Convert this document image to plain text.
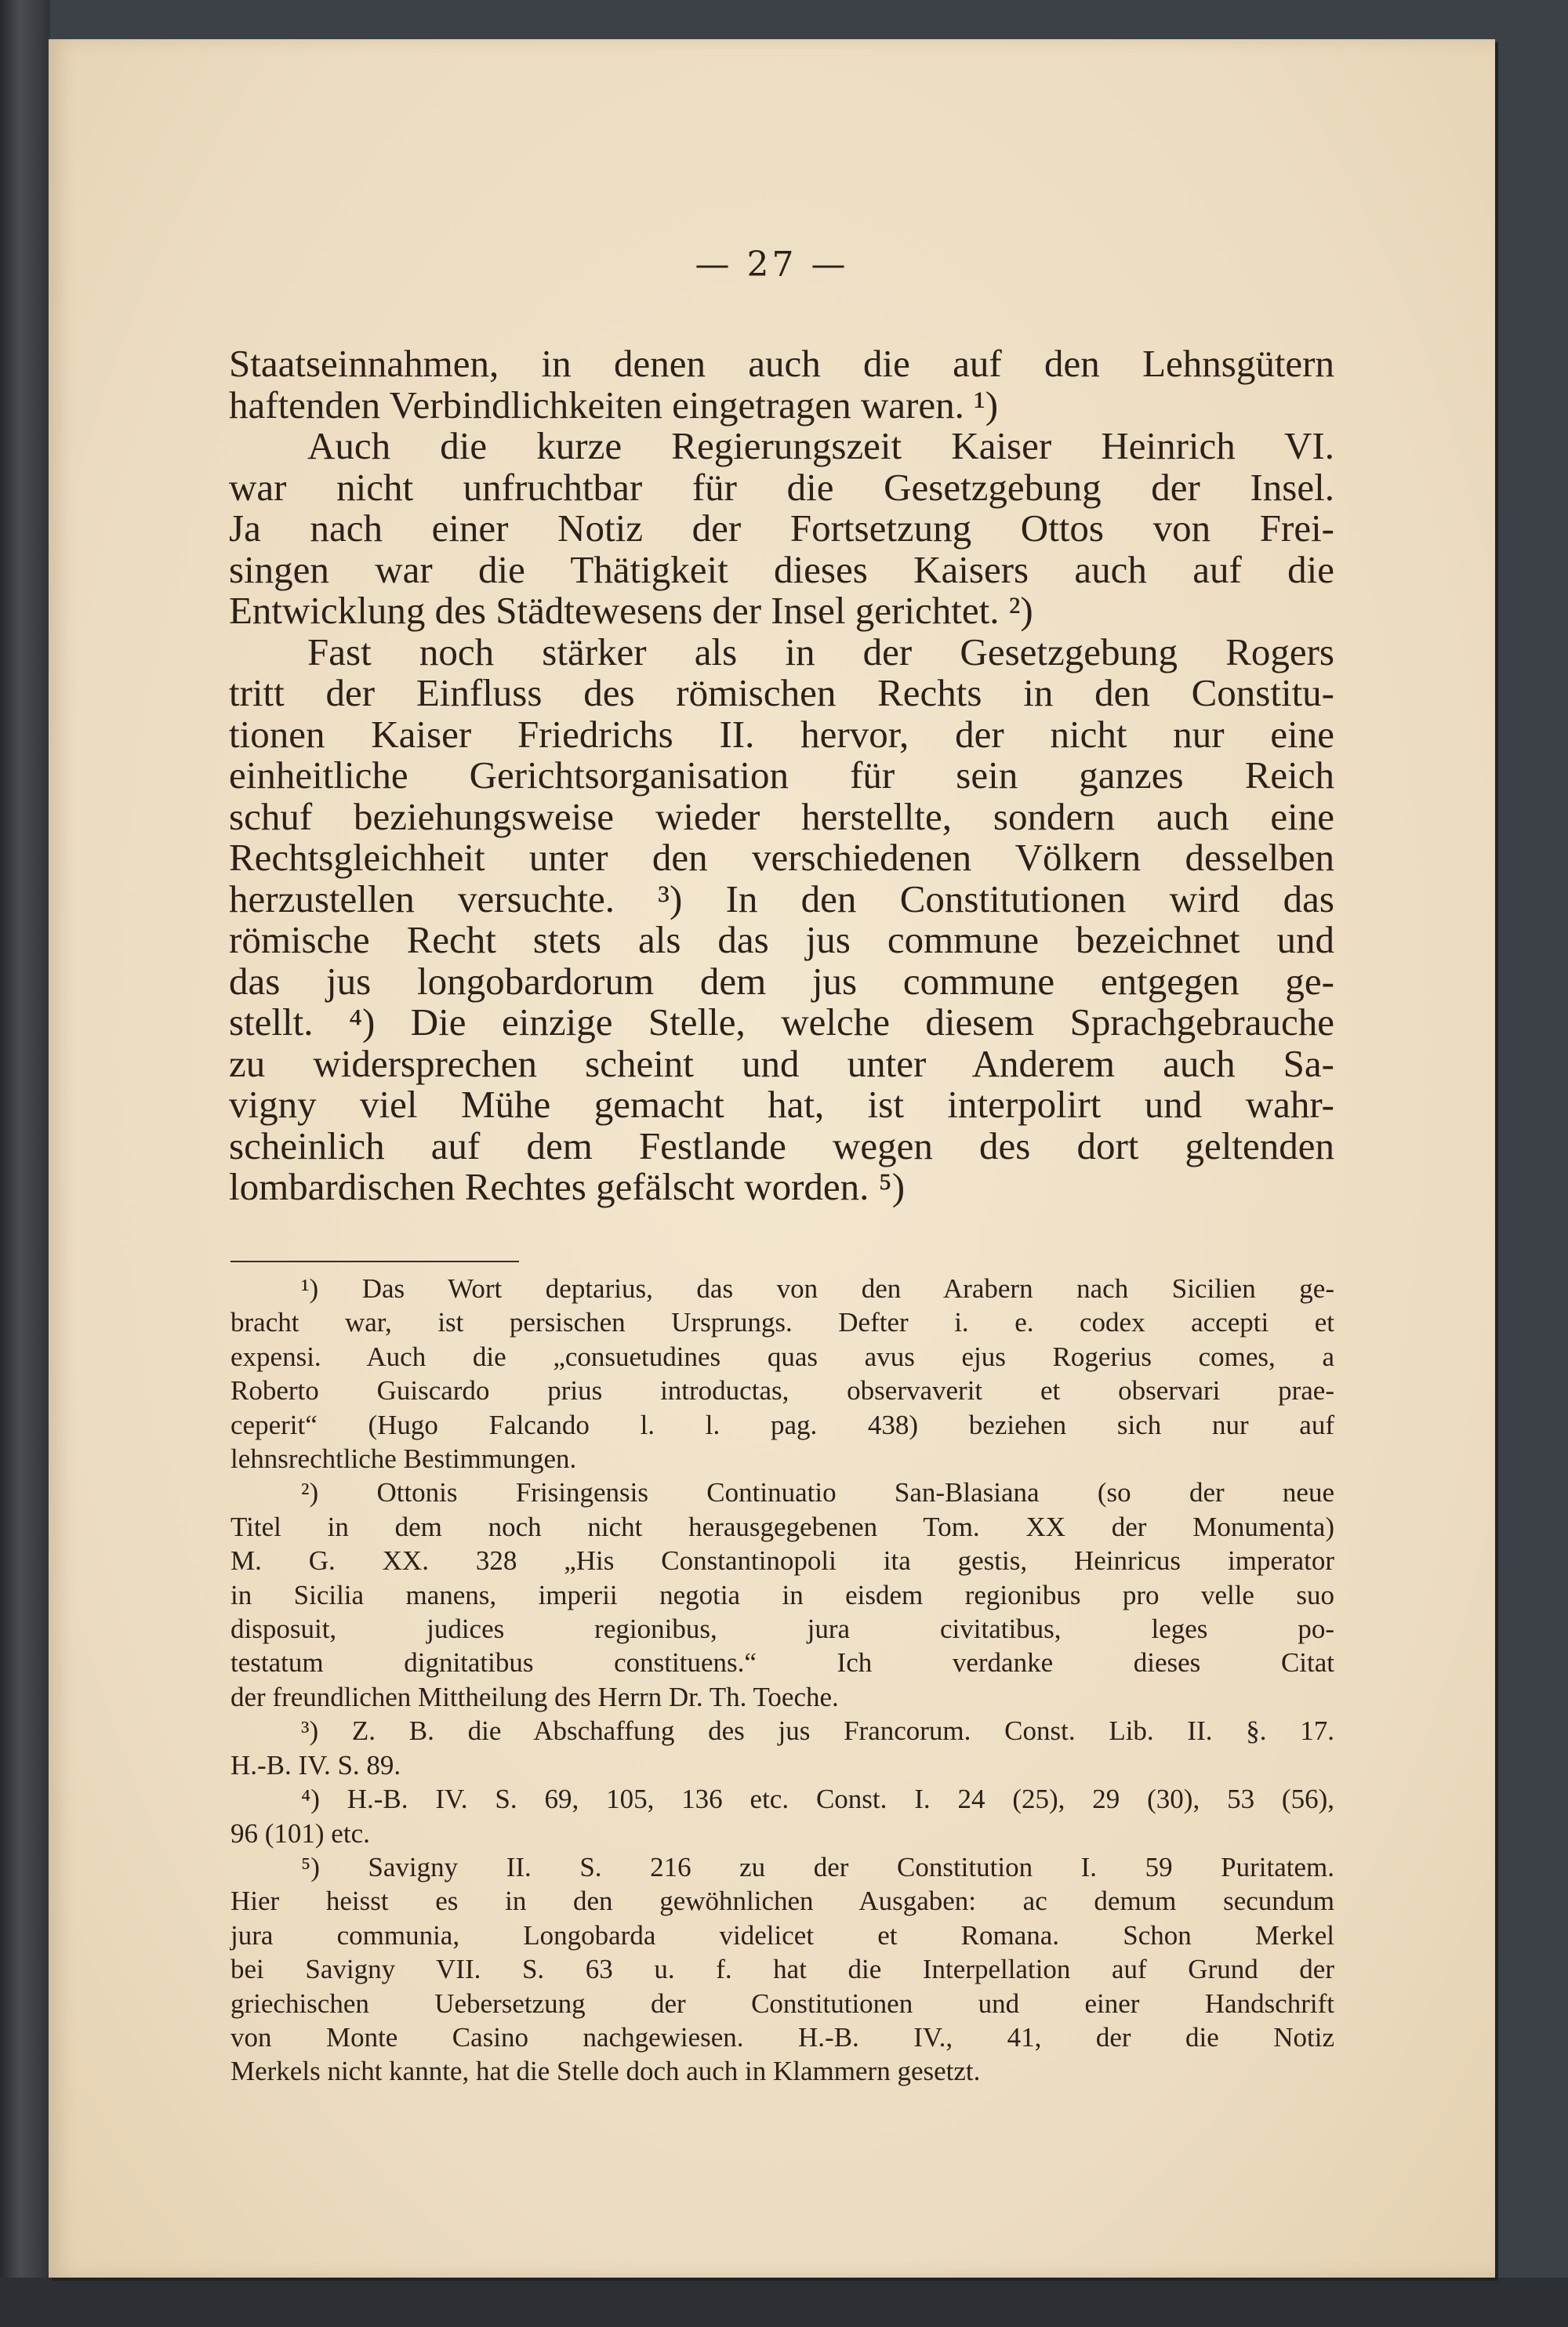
— 27 —
Staatseinnahmen, in denen auch die auf den Lehnsgütern
haftenden Verbindlichkeiten eingetragen waren. ¹)
Auch die kurze Regierungszeit Kaiser Heinrich VI.
war nicht unfruchtbar für die Gesetzgebung der Insel.
Ja nach einer Notiz der Fortsetzung Ottos von Frei-
singen war die Thätigkeit dieses Kaisers auch auf die
Entwicklung des Städtewesens der Insel gerichtet. ²)
Fast noch stärker als in der Gesetzgebung Rogers
tritt der Einfluss des römischen Rechts in den Constitu-
tionen Kaiser Friedrichs II. hervor, der nicht nur eine
einheitliche Gerichtsorganisation für sein ganzes Reich
schuf beziehungsweise wieder herstellte, sondern auch eine
Rechtsgleichheit unter den verschiedenen Völkern desselben
herzustellen versuchte. ³) In den Constitutionen wird das
römische Recht stets als das jus commune bezeichnet und
das jus longobardorum dem jus commune entgegen ge-
stellt. ⁴) Die einzige Stelle, welche diesem Sprachgebrauche
zu widersprechen scheint und unter Anderem auch Sa-
vigny viel Mühe gemacht hat, ist interpolirt und wahr-
scheinlich auf dem Festlande wegen des dort geltenden
lombardischen Rechtes gefälscht worden. ⁵)
¹) Das Wort deptarius, das von den Arabern nach Sicilien ge-
bracht war, ist persischen Ursprungs. Defter i. e. codex accepti et
expensi. Auch die „consuetudines quas avus ejus Rogerius comes, a
Roberto Guiscardo prius introductas, observaverit et observari prae-
ceperit“ (Hugo Falcando l. l. pag. 438) beziehen sich nur auf
lehnsrechtliche Bestimmungen.
²) Ottonis Frisingensis Continuatio San-Blasiana (so der neue
Titel in dem noch nicht herausgegebenen Tom. XX der Monumenta)
M. G. XX. 328 „His Constantinopoli ita gestis, Heinricus imperator
in Sicilia manens, imperii negotia in eisdem regionibus pro velle suo
disposuit, judices regionibus, jura civitatibus, leges po-
testatum dignitatibus constituens.“ Ich verdanke dieses Citat
der freundlichen Mittheilung des Herrn Dr. Th. Toeche.
³) Z. B. die Abschaffung des jus Francorum. Const. Lib. II. §. 17.
H.-B. IV. S. 89.
⁴) H.-B. IV. S. 69, 105, 136 etc. Const. I. 24 (25), 29 (30), 53 (56),
96 (101) etc.
⁵) Savigny II. S. 216 zu der Constitution I. 59 Puritatem.
Hier heisst es in den gewöhnlichen Ausgaben: ac demum secundum
jura communia, Longobarda videlicet et Romana. Schon Merkel
bei Savigny VII. S. 63 u. f. hat die Interpellation auf Grund der
griechischen Uebersetzung der Constitutionen und einer Handschrift
von Monte Casino nachgewiesen. H.-B. IV., 41, der die Notiz
Merkels nicht kannte, hat die Stelle doch auch in Klammern gesetzt.
